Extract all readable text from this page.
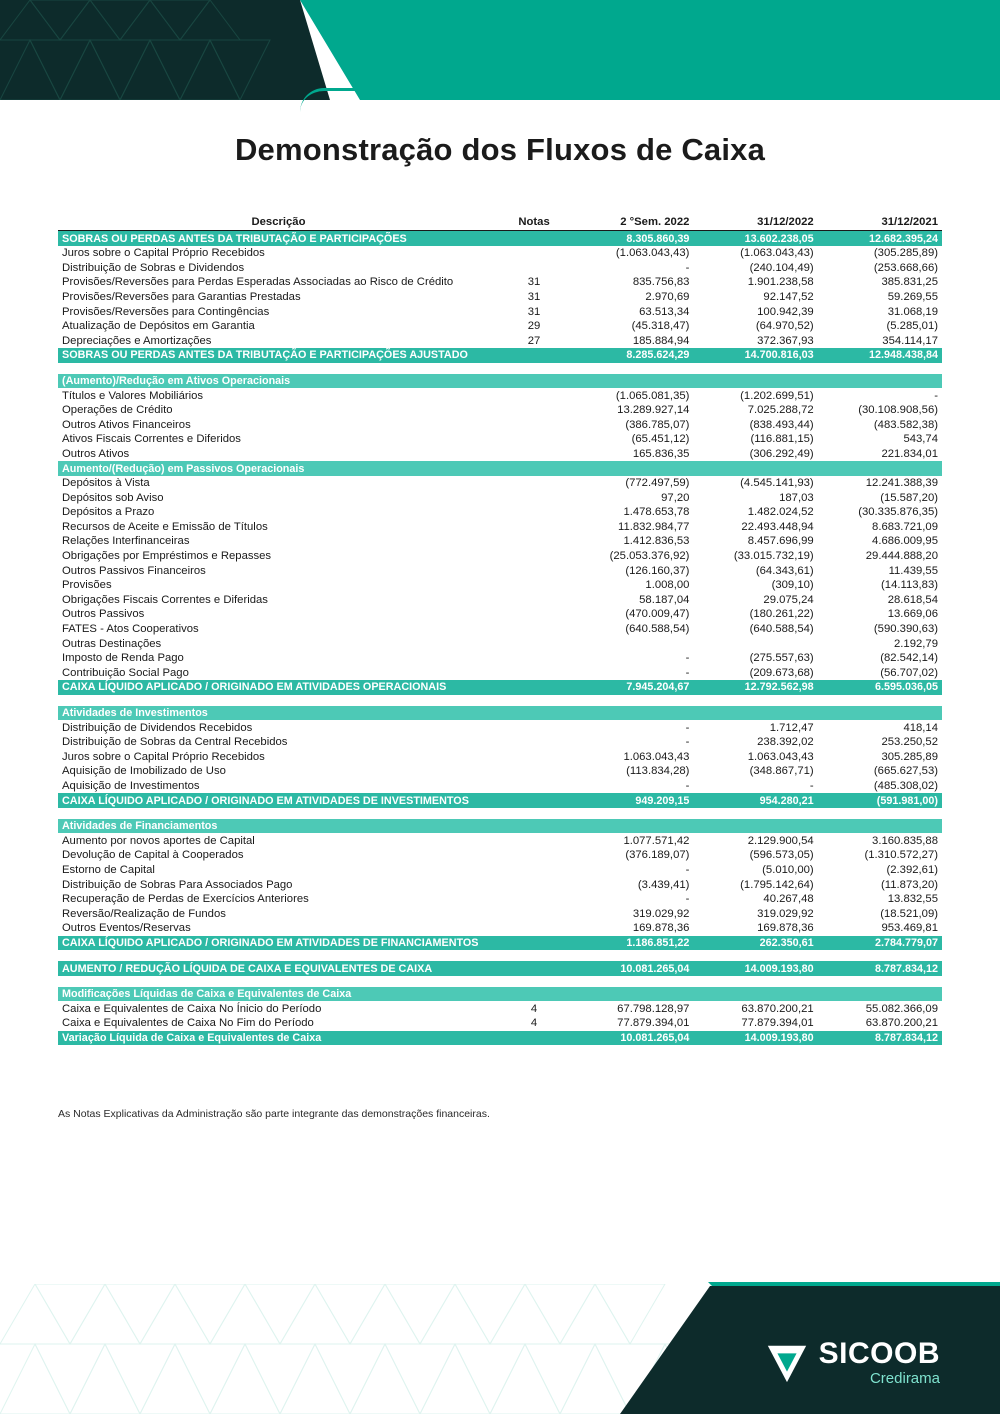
Demonstração dos Fluxos de Caixa
Descrição	Notas	2 °Sem. 2022	31/12/2022	31/12/2021
SOBRAS OU PERDAS ANTES DA TRIBUTAÇÃO E PARTICIPAÇÕES		8.305.860,39	13.602.238,05	12.682.395,24
Juros sobre o Capital Próprio Recebidos		(1.063.043,43)	(1.063.043,43)	(305.285,89)
Distribuição de Sobras e Dividendos		-	(240.104,49)	(253.668,66)
Provisões/Reversões para Perdas Esperadas Associadas ao Risco de Crédito	31	835.756,83	1.901.238,58	385.831,25
Provisões/Reversões para Garantias Prestadas	31	2.970,69	92.147,52	59.269,55
Provisões/Reversões para Contingências	31	63.513,34	100.942,39	31.068,19
Atualização de Depósitos em Garantia	29	(45.318,47)	(64.970,52)	(5.285,01)
Depreciações e Amortizações	27	185.884,94	372.367,93	354.114,17
SOBRAS OU PERDAS ANTES DA TRIBUTAÇÃO E PARTICIPAÇÕES AJUSTADO		8.285.624,29	14.700.816,03	12.948.438,84

(Aumento)/Redução em Ativos Operacionais				
Títulos e Valores Mobiliários		(1.065.081,35)	(1.202.699,51)	-
Operações de Crédito		13.289.927,14	7.025.288,72	(30.108.908,56)
Outros Ativos Financeiros		(386.785,07)	(838.493,44)	(483.582,38)
Ativos Fiscais Correntes e Diferidos		(65.451,12)	(116.881,15)	543,74
Outros Ativos		165.836,35	(306.292,49)	221.834,01
Aumento/(Redução) em Passivos Operacionais				
Depósitos à Vista		(772.497,59)	(4.545.141,93)	12.241.388,39
Depósitos sob Aviso		97,20	187,03	(15.587,20)
Depósitos a Prazo		1.478.653,78	1.482.024,52	(30.335.876,35)
Recursos de Aceite e Emissão de Títulos		11.832.984,77	22.493.448,94	8.683.721,09
Relações Interfinanceiras		1.412.836,53	8.457.696,99	4.686.009,95
Obrigações por Empréstimos e Repasses		(25.053.376,92)	(33.015.732,19)	29.444.888,20
Outros Passivos Financeiros		(126.160,37)	(64.343,61)	11.439,55
Provisões		1.008,00	(309,10)	(14.113,83)
Obrigações Fiscais Correntes e Diferidas		58.187,04	29.075,24	28.618,54
Outros Passivos		(470.009,47)	(180.261,22)	13.669,06
FATES - Atos Cooperativos		(640.588,54)	(640.588,54)	(590.390,63)
Outras Destinações				2.192,79
Imposto de Renda Pago		-	(275.557,63)	(82.542,14)
Contribuição Social Pago		-	(209.673,68)	(56.707,02)
CAIXA LÍQUIDO APLICADO / ORIGINADO EM ATIVIDADES OPERACIONAIS		7.945.204,67	12.792.562,98	6.595.036,05

Atividades de Investimentos				
Distribuição de Dividendos Recebidos		-	1.712,47	418,14
Distribuição de Sobras da Central Recebidos		-	238.392,02	253.250,52
Juros sobre o Capital Próprio Recebidos		1.063.043,43	1.063.043,43	305.285,89
Aquisição de Imobilizado de Uso		(113.834,28)	(348.867,71)	(665.627,53)
Aquisição de Investimentos		-	-	(485.308,02)
CAIXA LÍQUIDO APLICADO / ORIGINADO EM ATIVIDADES DE INVESTIMENTOS		949.209,15	954.280,21	(591.981,00)

Atividades de Financiamentos				
Aumento por novos aportes de Capital		1.077.571,42	2.129.900,54	3.160.835,88
Devolução de Capital à Cooperados		(376.189,07)	(596.573,05)	(1.310.572,27)
Estorno de Capital		-	(5.010,00)	(2.392,61)
Distribuição de Sobras Para Associados Pago		(3.439,41)	(1.795.142,64)	(11.873,20)
Recuperação de Perdas de Exercícios Anteriores		-	40.267,48	13.832,55
Reversão/Realização de Fundos		319.029,92	319.029,92	(18.521,09)
Outros Eventos/Reservas		169.878,36	169.878,36	953.469,81
CAIXA LÍQUIDO APLICADO / ORIGINADO EM ATIVIDADES DE FINANCIAMENTOS		1.186.851,22	262.350,61	2.784.779,07

AUMENTO / REDUÇÃO LÍQUIDA DE CAIXA E EQUIVALENTES DE CAIXA		10.081.265,04	14.009.193,80	8.787.834,12

Modificações Líquidas de Caixa e Equivalentes de Caixa				
Caixa e Equivalentes de Caixa No Ínicio do Período	4	67.798.128,97	63.870.200,21	55.082.366,09
Caixa e Equivalentes de Caixa No Fim do Período	4	77.879.394,01	77.879.394,01	63.870.200,21
Variação Líquida de Caixa e Equivalentes de Caixa		10.081.265,04	14.009.193,80	8.787.834,12
As Notas Explicativas da Administração são parte integrante das demonstrações financeiras.
SICOOB
Credirama
